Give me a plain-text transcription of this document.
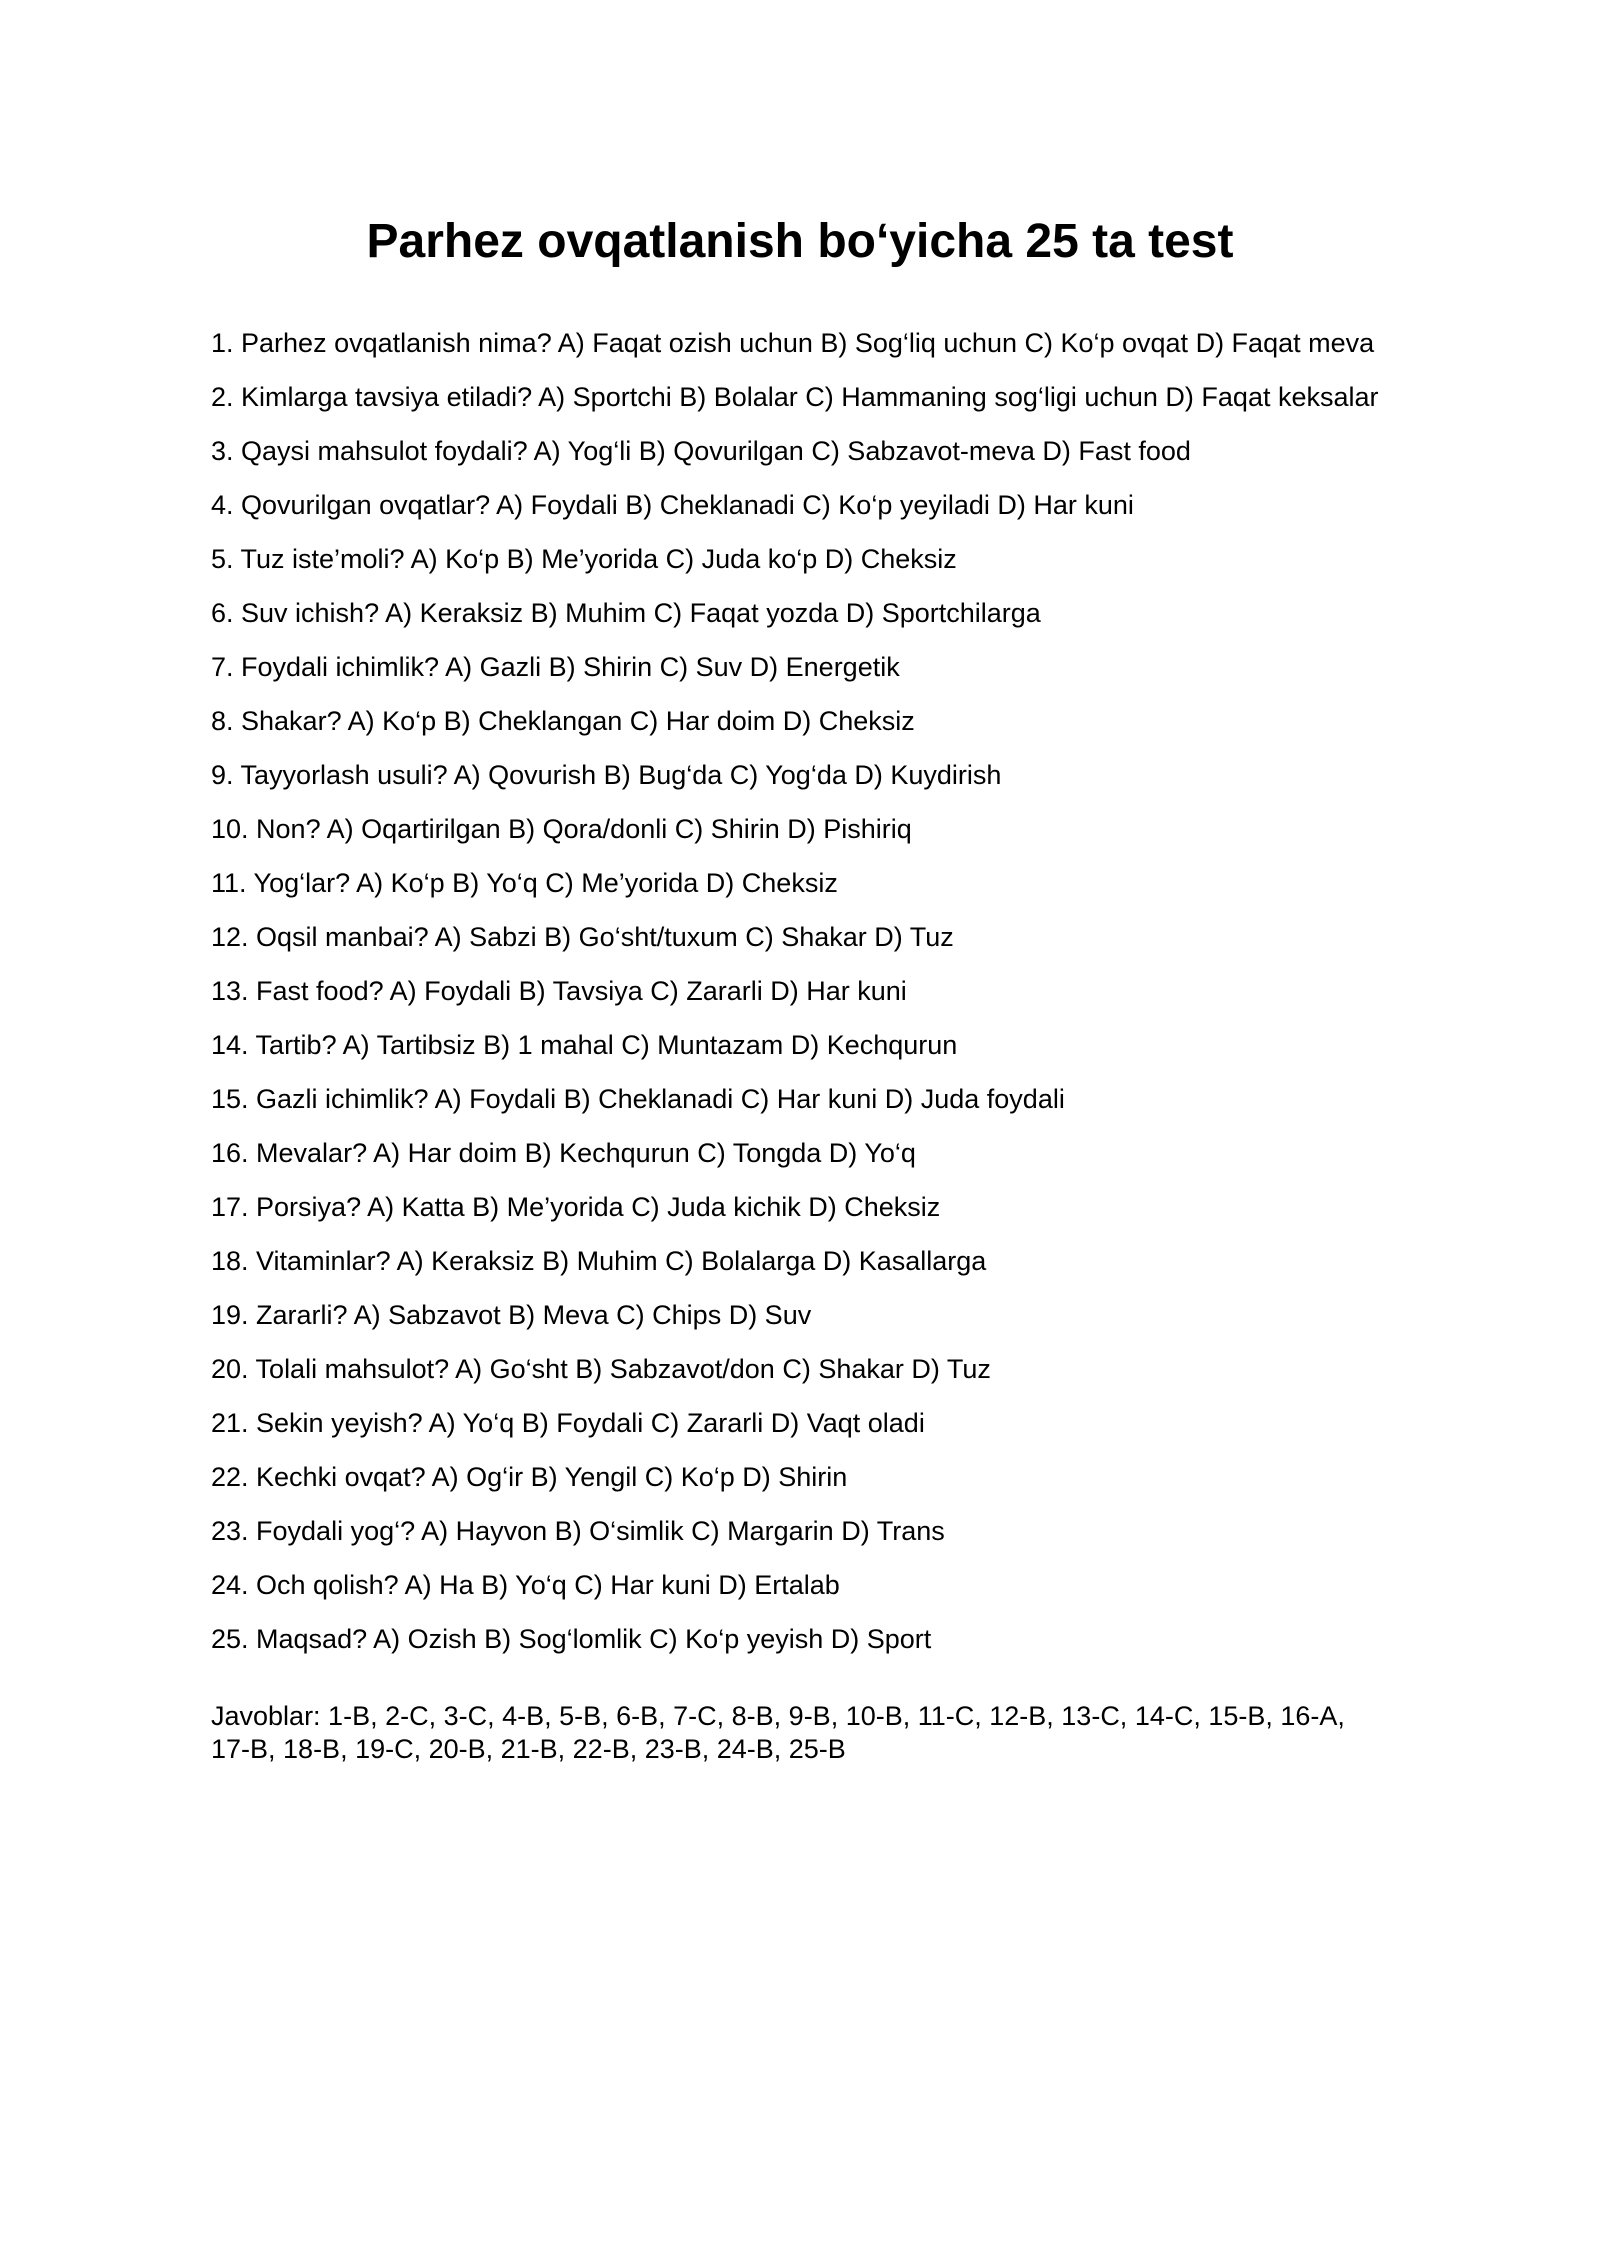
Parhez ovqatlanish bo‘yicha 25 ta test
1. Parhez ovqatlanish nima? A) Faqat ozish uchun B) Sog‘liq uchun C) Ko‘p ovqat D) Faqat meva
2. Kimlarga tavsiya etiladi? A) Sportchi B) Bolalar C) Hammaning sog‘ligi uchun D) Faqat keksalar
3. Qaysi mahsulot foydali? A) Yog‘li B) Qovurilgan C) Sabzavot-meva D) Fast food
4. Qovurilgan ovqatlar? A) Foydali B) Cheklanadi C) Ko‘p yeyiladi D) Har kuni
5. Tuz iste’moli? A) Ko‘p B) Me’yorida C) Juda ko‘p D) Cheksiz
6. Suv ichish? A) Keraksiz B) Muhim C) Faqat yozda D) Sportchilarga
7. Foydali ichimlik? A) Gazli B) Shirin C) Suv D) Energetik
8. Shakar? A) Ko‘p B) Cheklangan C) Har doim D) Cheksiz
9. Tayyorlash usuli? A) Qovurish B) Bug‘da C) Yog‘da D) Kuydirish
10. Non? A) Oqartirilgan B) Qora/donli C) Shirin D) Pishiriq
11. Yog‘lar? A) Ko‘p B) Yo‘q C) Me’yorida D) Cheksiz
12. Oqsil manbai? A) Sabzi B) Go‘sht/tuxum C) Shakar D) Tuz
13. Fast food? A) Foydali B) Tavsiya C) Zararli D) Har kuni
14. Tartib? A) Tartibsiz B) 1 mahal C) Muntazam D) Kechqurun
15. Gazli ichimlik? A) Foydali B) Cheklanadi C) Har kuni D) Juda foydali
16. Mevalar? A) Har doim B) Kechqurun C) Tongda D) Yo‘q
17. Porsiya? A) Katta B) Me’yorida C) Juda kichik D) Cheksiz
18. Vitaminlar? A) Keraksiz B) Muhim C) Bolalarga D) Kasallarga
19. Zararli? A) Sabzavot B) Meva C) Chips D) Suv
20. Tolali mahsulot? A) Go‘sht B) Sabzavot/don C) Shakar D) Tuz
21. Sekin yeyish? A) Yo‘q B) Foydali C) Zararli D) Vaqt oladi
22. Kechki ovqat? A) Og‘ir B) Yengil C) Ko‘p D) Shirin
23. Foydali yog‘? A) Hayvon B) O‘simlik C) Margarin D) Trans
24. Och qolish? A) Ha B) Yo‘q C) Har kuni D) Ertalab
25. Maqsad? A) Ozish B) Sog‘lomlik C) Ko‘p yeyish D) Sport

Javoblar: 1-B, 2-C, 3-C, 4-B, 5-B, 6-B, 7-C, 8-B, 9-B, 10-B, 11-C, 12-B, 13-C, 14-C, 15-B, 16-A,
17-B, 18-B, 19-C, 20-B, 21-B, 22-B, 23-B, 24-B, 25-B
